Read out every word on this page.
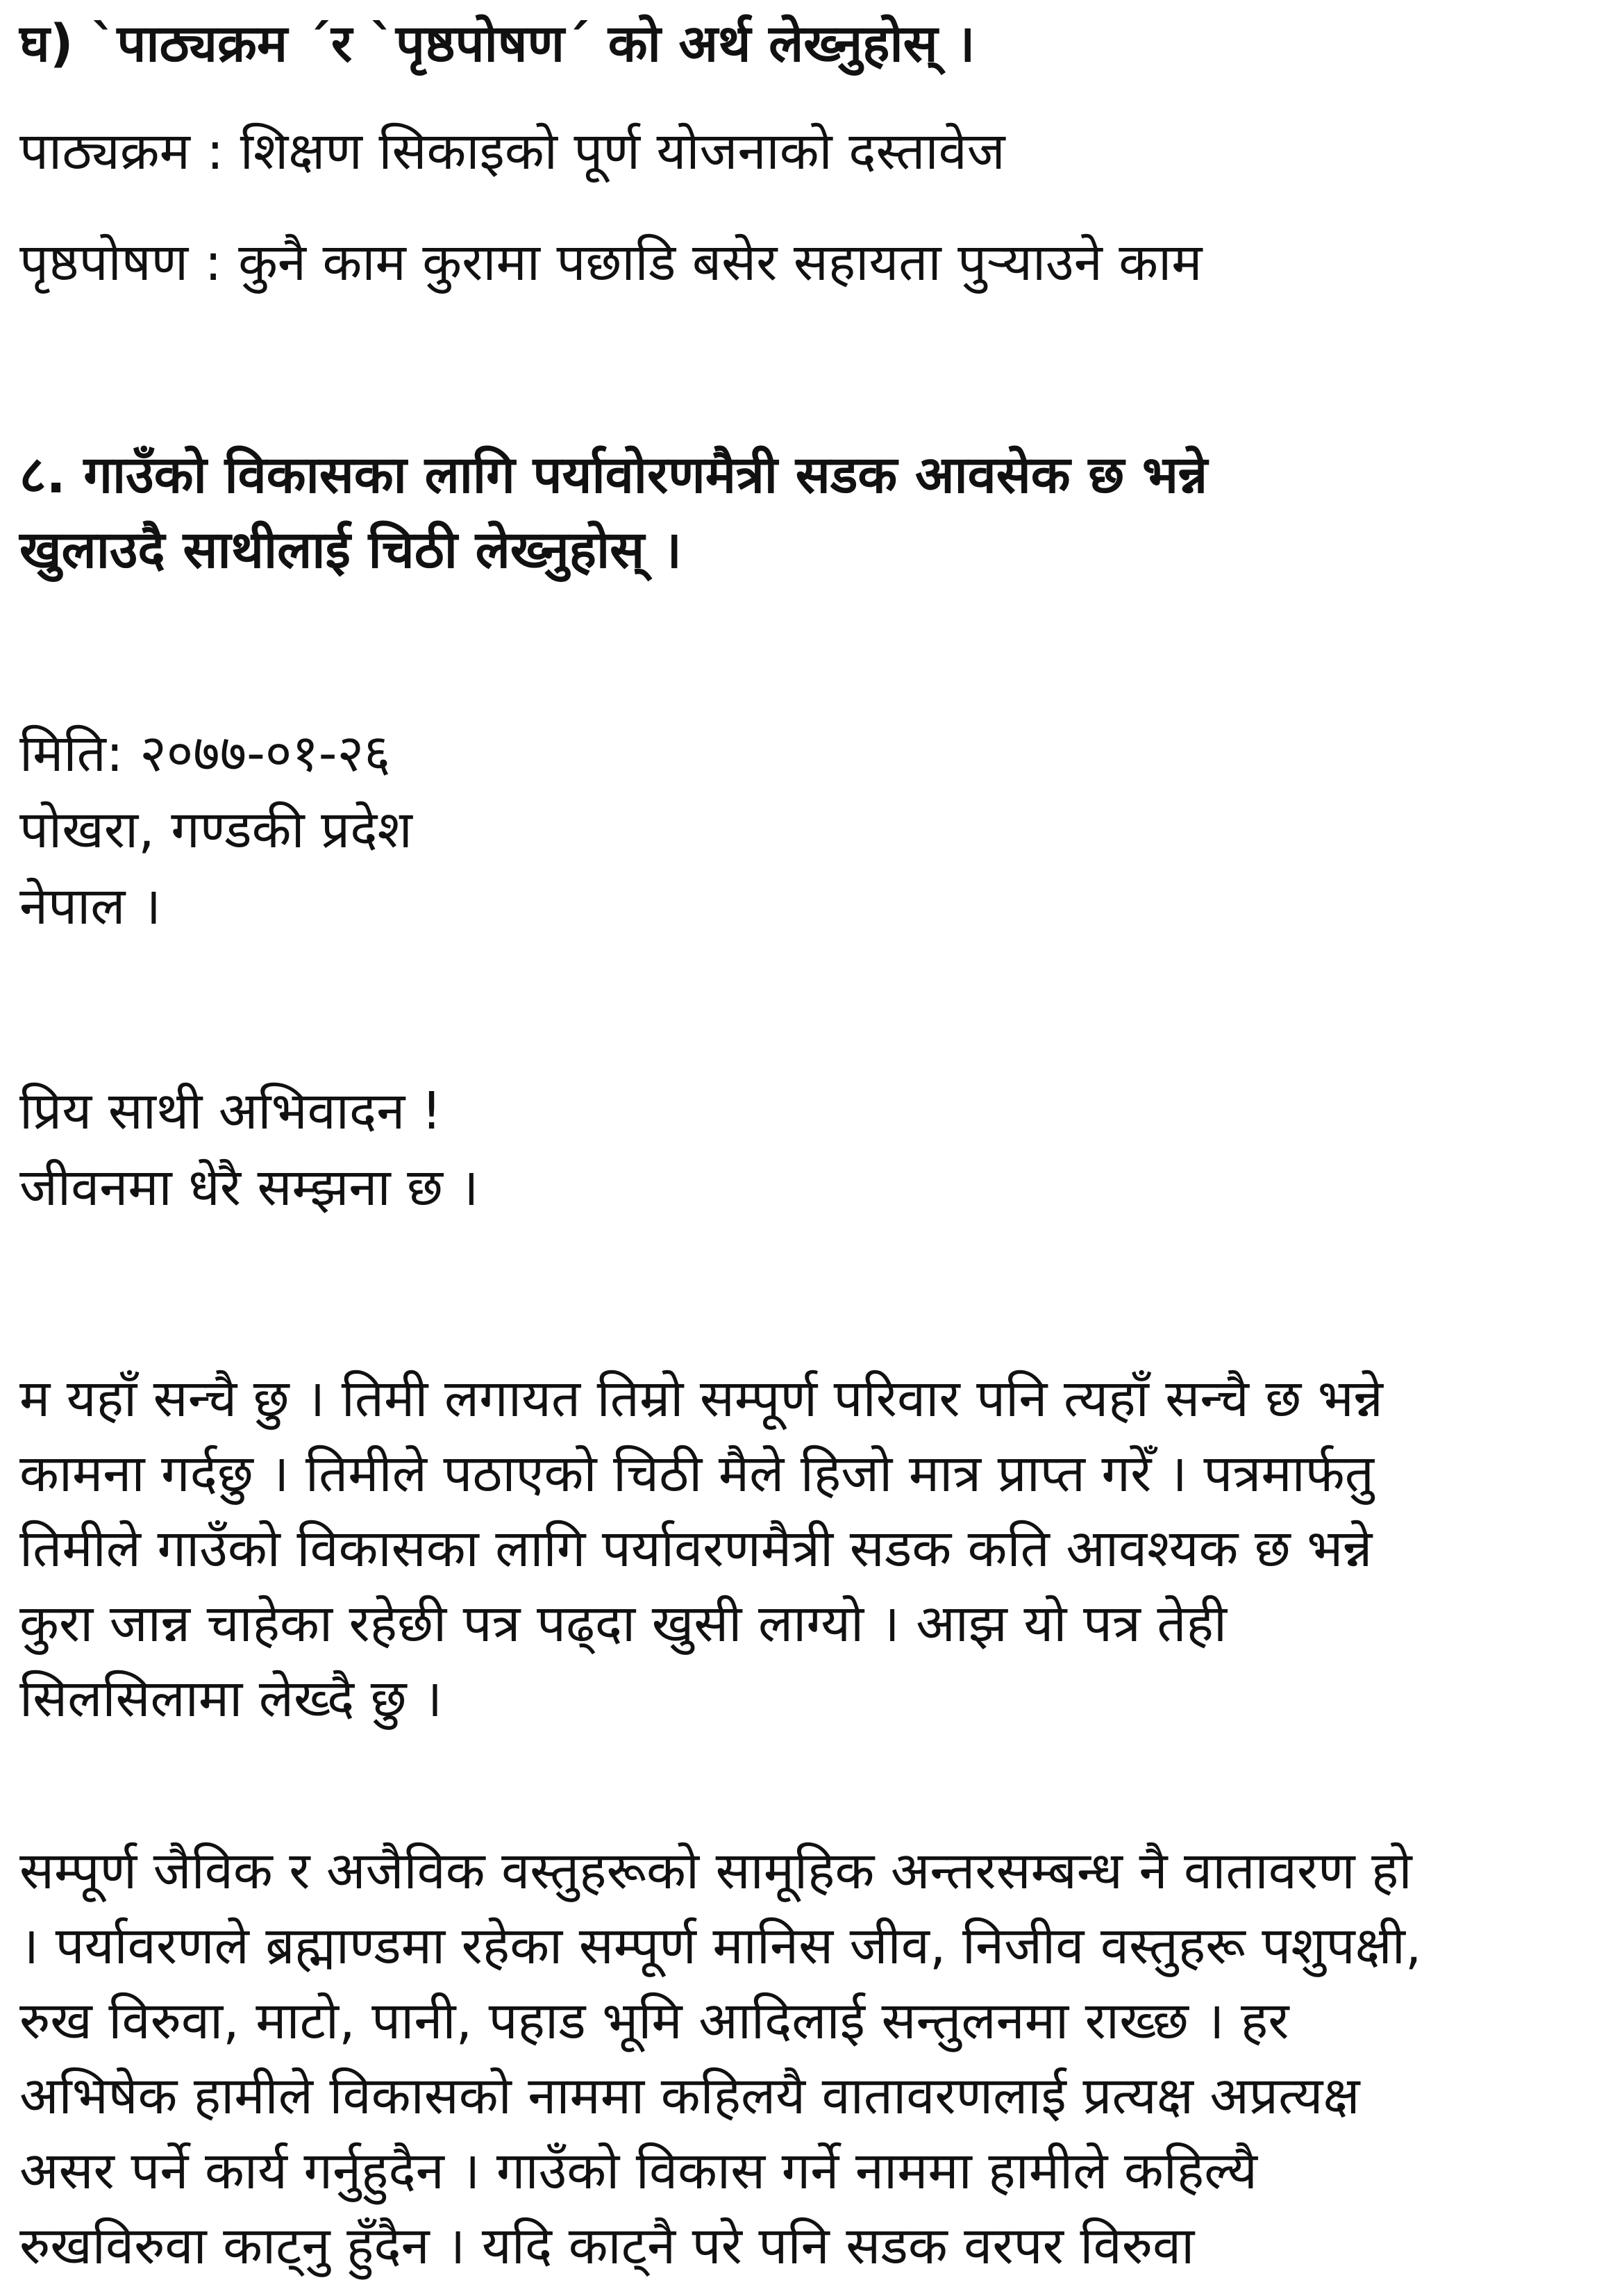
घ) `पाठ्यक्रम ´र `पृष्ठपोषण´ को अर्थ लेख्नुहोस् ।

पाठ्यक्रम : शिक्षण सिकाइको पूर्ण योजनाको दस्तावेज

पृष्ठपोषण : कुनै काम कुरामा पछाडि बसेर सहायता पुऱ्याउने काम

८. गाउँको विकासका लागि पर्यावोरणमैत्री सडक आवसेक छ भन्ने

खुलाउदै साथीलाई चिठी लेख्नुहोस् ।

मिति: २०७७-०१-२६

पोखरा, गण्डकी प्रदेश

नेपाल ।

प्रिय साथी अभिवादन !

जीवनमा धेरै सम्झना छ ।

म यहाँ सन्चै छु । तिमी लगायत तिम्रो सम्पूर्ण परिवार पनि त्यहाँ सन्चै छ भन्ने

कामना गर्दछु । तिमीले पठाएको चिठी मैले हिजो मात्र प्राप्त गरेँ । पत्रमार्फतु

तिमीले गाउँको विकासका लागि पर्यावरणमैत्री सडक कति आवश्यक छ भन्ने

कुरा जान्न चाहेका रहेछी पत्र पढ्दा खुसी लाग्यो । आझ यो पत्र तेही

सिलसिलामा लेख्दै छु ।

सम्पूर्ण जैविक र अजैविक वस्तुहरूको सामूहिक अन्तरसम्बन्ध नै वातावरण हो

। पर्यावरणले ब्रह्माण्डमा रहेका सम्पूर्ण मानिस जीव, निजीव वस्तुहरू पशुपक्षी,

रुख विरुवा, माटो, पानी, पहाड भूमि आदिलाई सन्तुलनमा राख्छ । हर

अभिषेक हामीले विकासको नाममा कहिलयै वातावरणलाई प्रत्यक्ष अप्रत्यक्ष

असर पर्ने कार्य गर्नुहुदैन । गाउँको विकास गर्ने नाममा हामीले कहिल्यै

रुखविरुवा काट्नु हुँदैन । यदि काट्नै परे पनि सडक वरपर विरुवा
